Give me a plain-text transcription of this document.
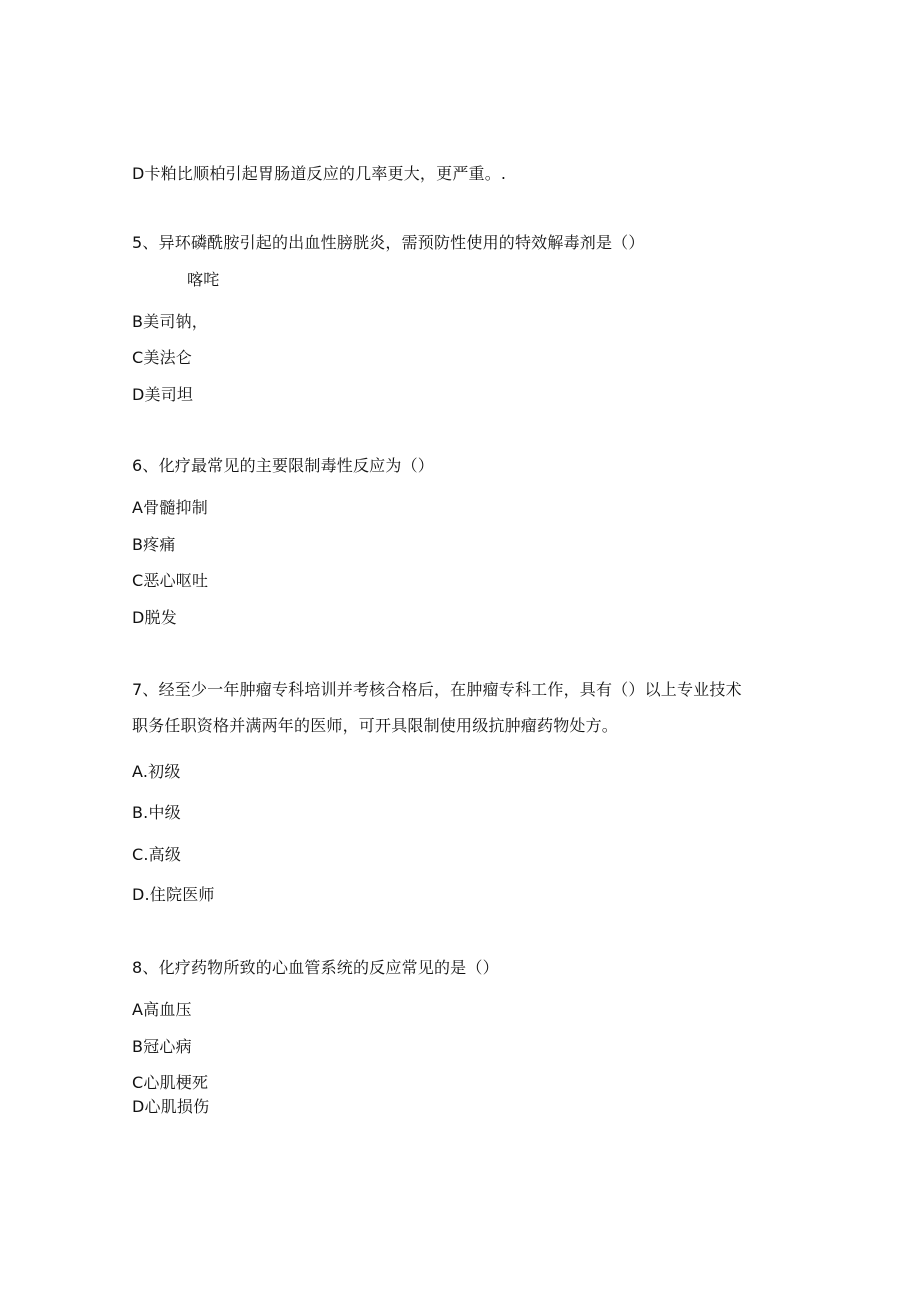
D卡粕比顺柏引起胃肠道反应的几率更大，更严重。.
5、异环磷酰胺引起的出血性膀胱炎，需预防性使用的特效解毒剂是（）
喀咤
B美司钠，
C美法仑
D美司坦
6、化疗最常见的主要限制毒性反应为（）
A骨髓抑制
B疼痛
C恶心呕吐
D脱发
7、经至少一年肿瘤专科培训并考核合格后，在肿瘤专科工作，具有（）以上专业技术
职务任职资格并满两年的医师，可开具限制使用级抗肿瘤药物处方。
A.初级
B.中级
C.高级
D.住院医师
8、化疗药物所致的心血管系统的反应常见的是（）
A高血压
B冠心病
C心肌梗死
D心肌损伤
